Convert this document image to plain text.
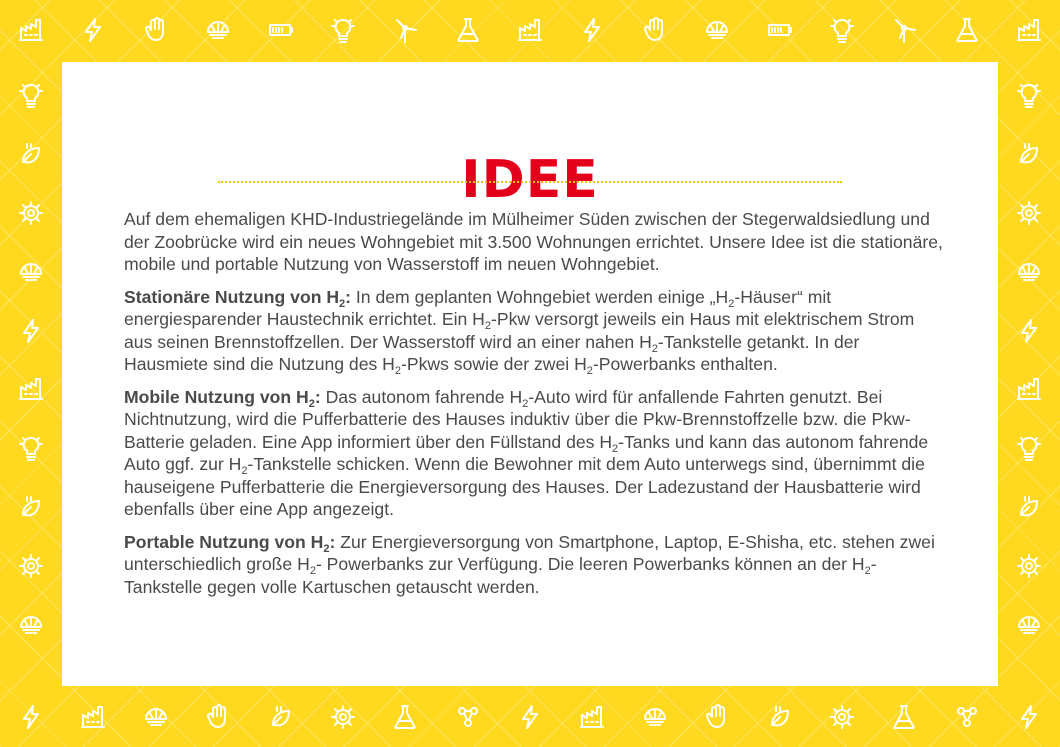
IDEE

Auf dem ehemaligen KHD-Industriegelände im Mülheimer Süden zwischen der Stegerwaldsiedlung und der Zoobrücke wird ein neues Wohngebiet mit 3.500 Wohnungen errichtet. Unsere Idee ist die stationäre, mobile und portable Nutzung von Wasserstoff im neuen Wohngebiet.

Stationäre Nutzung von $H_2$: In dem geplanten Wohngebiet werden einige $„H_2-Häuser“$ mit energiesparender Haustechnik errichtet. Ein $H_2$-Pkw versorgt jeweils ein Haus mit elektrischem Strom aus seinen Brennstoffzellen. Der Wasserstoff wird an einer nahen $H_2$-Tankstelle getankt. In der Hausmiete sind die Nutzung des $H_2$-Pkws sowie der zwei $H_2$-Powerbanks enthalten.

Mobile Nutzung von $H_2$: Das autonom fahrende $H_2$-Auto wird für anfallende Fahrten genutzt. Bei Nichtnutzung, wird die Pufferbatterie des Hauses induktiv über die Pkw-Brennstoffzelle bzw. die Pkw-Batterie geladen. Eine App informiert über den Füllstand des $H_2$-Tanks und kann das autonom fahrende Auto ggf. zur $H_2$-Tankstelle schicken. Wenn die Bewohner mit dem Auto unterwegs sind, übernimmt die hauseigene Pufferbatterie die Energieversorgung des Hauses. Der Ladezustand der Hausbatterie wird ebenfalls über eine App angezeigt.

Portable Nutzung von $H_2$: Zur Energieversorgung von Smartphone, Laptop, E-Shisha, etc. stehen zwei unterschiedlich große $H_2-$ Powerbanks zur Verfügung. Die leeren Powerbanks können an der $H_2$-Tankstelle gegen volle Kartuschen getauscht werden.
